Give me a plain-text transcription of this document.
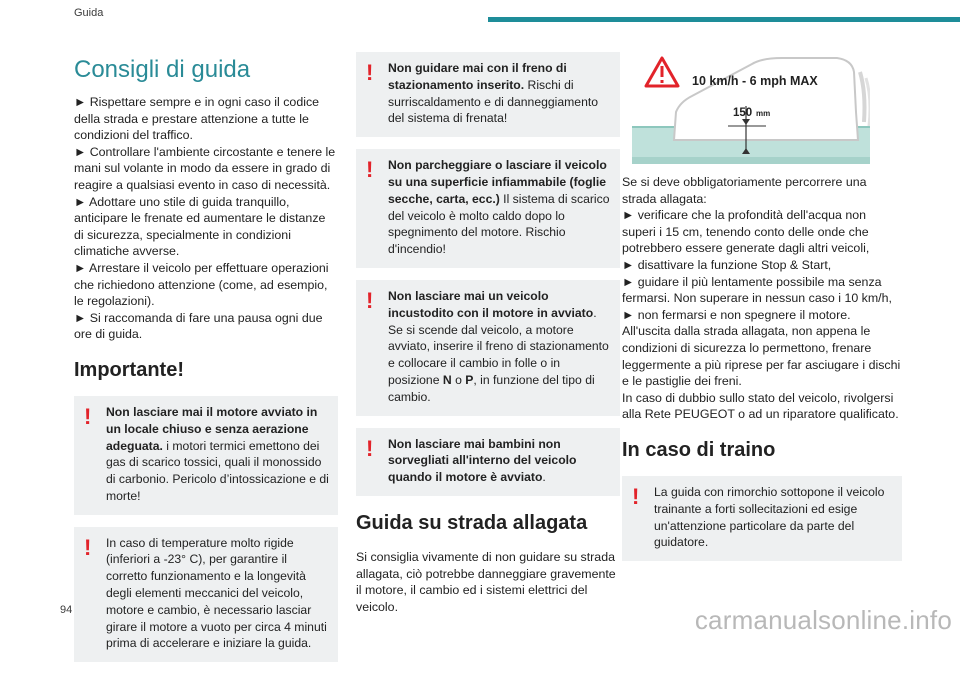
Guida
Consigli di guida
► Rispettare sempre e in ogni caso il codice della strada e prestare attenzione a tutte le condizioni del traffico.
► Controllare l'ambiente circostante e tenere le mani sul volante in modo da essere in grado di reagire a qualsiasi evento in caso di necessità.
► Adottare uno stile di guida tranquillo, anticipare le frenate ed aumentare le distanze di sicurezza, specialmente in condizioni climatiche avverse.
► Arrestare il veicolo per effettuare operazioni che richiedono attenzione (come, ad esempio, le regolazioni).
► Si raccomanda di fare una pausa ogni due ore di guida.
Importante!
!	Non lasciare mai il motore avviato in un locale chiuso e senza aerazione adeguata. i motori termici emettono dei gas di scarico tossici, quali il monossido di carbonio. Pericolo d’intossicazione e di morte!
!	In caso di temperature molto rigide (inferiori a -23° C), per garantire il corretto funzionamento e la longevità degli elementi meccanici del veicolo, motore e cambio, è necessario lasciar girare il motore a vuoto per circa 4 minuti prima di accelerare e iniziare la guida.
!	Non guidare mai con il freno di stazionamento inserito. Rischi di surriscaldamento e di danneggiamento del sistema di frenata!
!	Non parcheggiare o lasciare il veicolo su una superficie infiammabile (foglie secche, carta, ecc.) Il sistema di scarico del veicolo è molto caldo dopo lo spegnimento del motore. Rischio d'incendio!
!	Non lasciare mai un veicolo incustodito con il motore in avviato. Se si scende dal veicolo, a motore avviato, inserire il freno di stazionamento e collocare il cambio in folle o in posizione N o P, in funzione del tipo di cambio.
!	Non lasciare mai bambini non sorvegliati all'interno del veicolo quando il motore è avviato.
Guida su strada allagata

Si consiglia vivamente di non guidare su strada allagata, ciò potrebbe danneggiare gravemente il motore, il cambio ed i sistemi elettrici del veicolo.

10 km/h - 6 mph MAX
150 mm
Se si deve obbligatoriamente percorrere una strada allagata:
► verificare che la profondità dell'acqua non superi i 15 cm, tenendo conto delle onde che potrebbero essere generate dagli altri veicoli,
► disattivare la funzione Stop & Start,
► guidare il più lentamente possibile ma senza fermarsi. Non superare in nessun caso i 10 km/h,
► non fermarsi e non spegnere il motore.
All'uscita dalla strada allagata, non appena le condizioni di sicurezza lo permettono, frenare leggermente a più riprese per far asciugare i dischi e le pastiglie dei freni.
In caso di dubbio sullo stato del veicolo, rivolgersi alla Rete PEUGEOT o ad un riparatore qualificato.
In caso di traino
!	La guida con rimorchio sottopone il veicolo trainante a forti sollecitazioni ed esige un'attenzione particolare da parte del guidatore.
94	carmanualsonline.info
